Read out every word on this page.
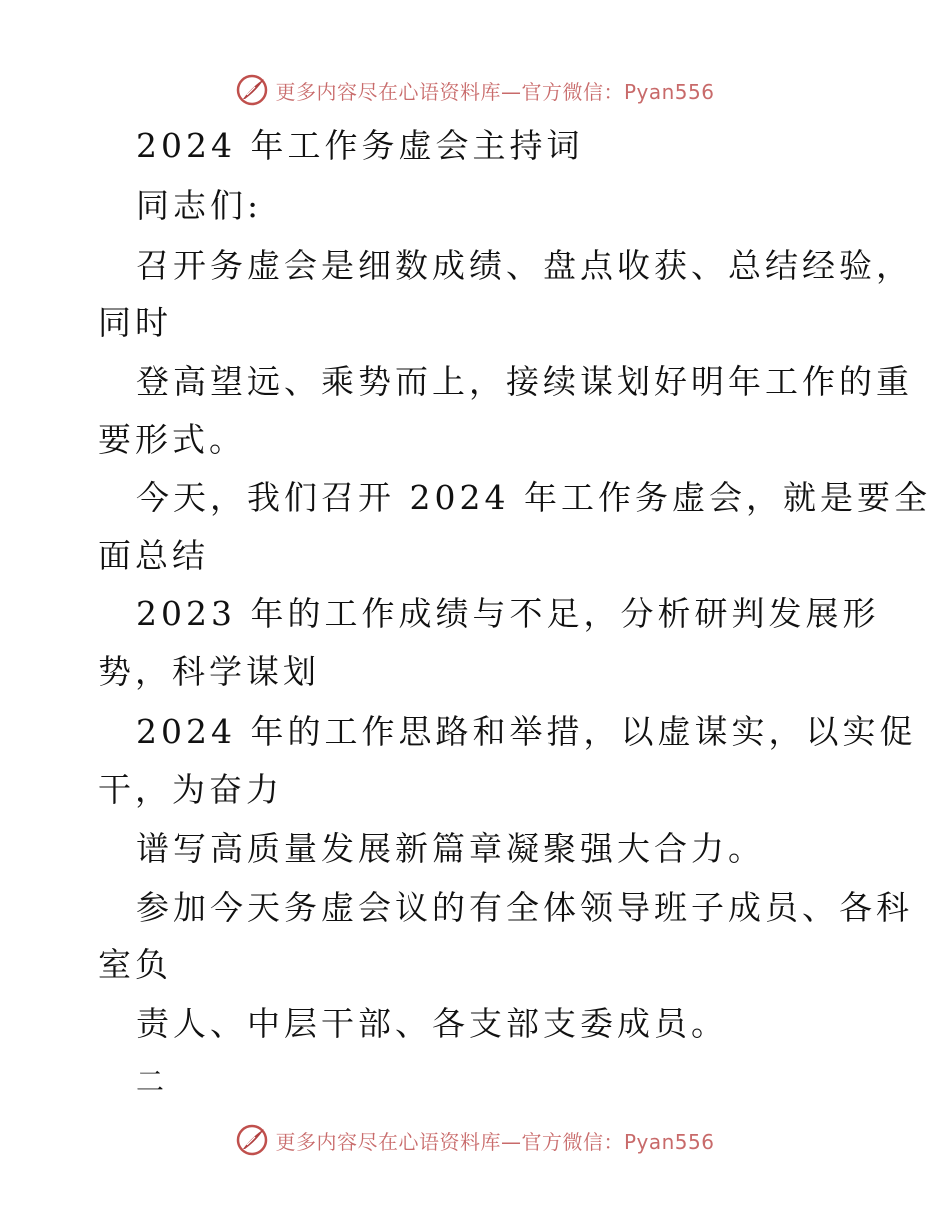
更多内容尽在心语资料库—官方微信：Pyan556
2024 年工作务虚会主持词
同志们:
召开务虚会是细数成绩、盘点收获、总结经验，
同时
登高望远、乘势而上，接续谋划好明年工作的重
要形式。
今天，我们召开 2024 年工作务虚会，就是要全
面总结
2023 年的工作成绩与不足，分析研判发展形
势，科学谋划
2024 年的工作思路和举措，以虚谋实，以实促
干，为奋力
谱写高质量发展新篇章凝聚强大合力。
参加今天务虚会议的有全体领导班子成员、各科
室负
责人、中层干部、各支部支委成员。
二
更多内容尽在心语资料库—官方微信：Pyan556
